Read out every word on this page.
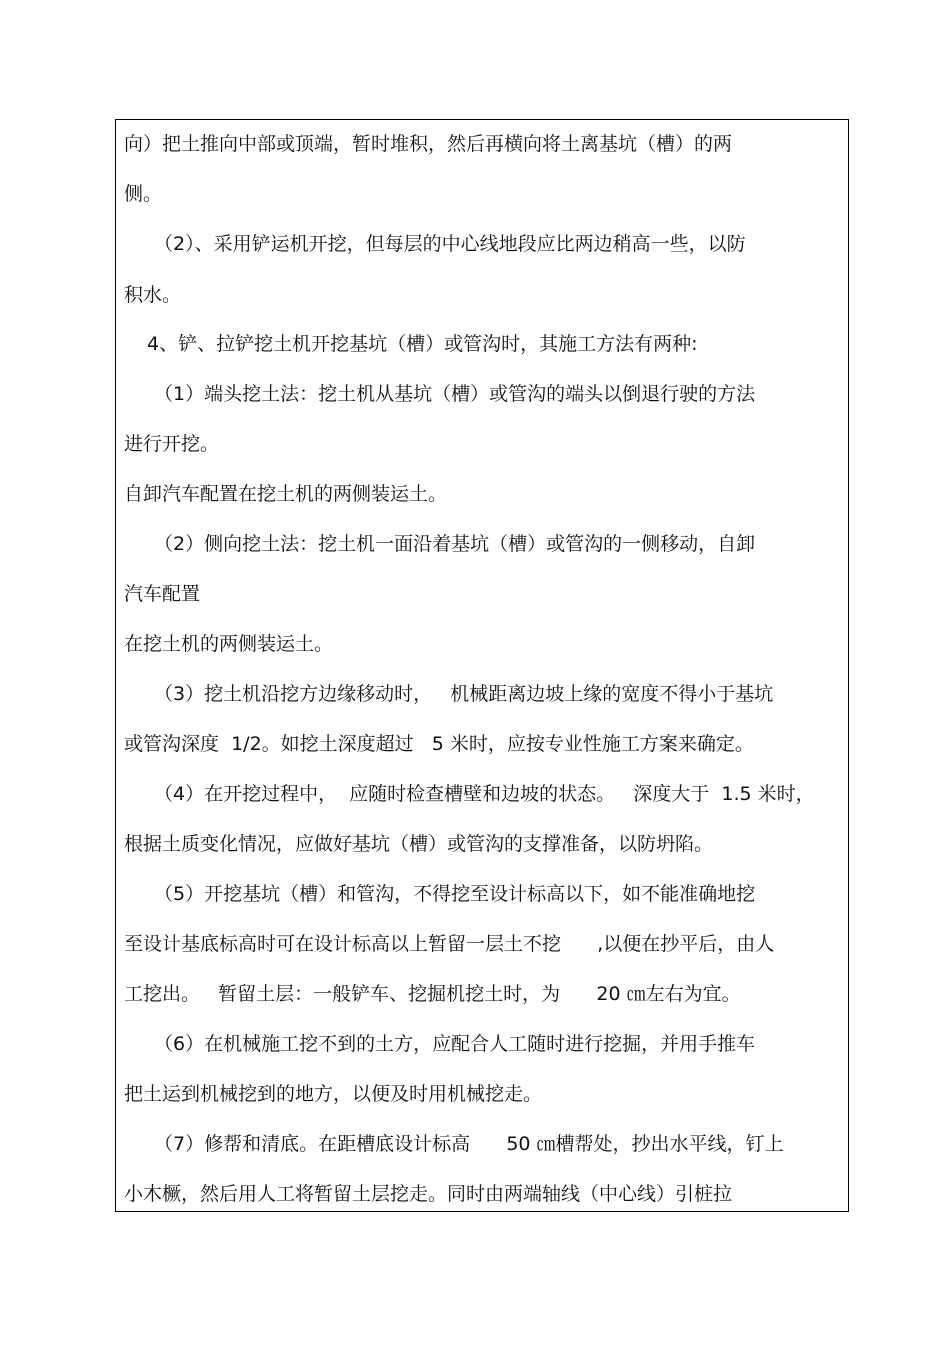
向）把土推向中部或顶端，暂时堆积，然后再横向将土离基坑（槽）的两
侧。
（2）、采用铲运机开挖，但每层的中心线地段应比两边稍高一些，以防
积水。
4、铲、拉铲挖土机开挖基坑（槽）或管沟时，其施工方法有两种:
（1）端头挖土法：挖土机从基坑（槽）或管沟的端头以倒退行驶的方法
进行开挖。
自卸汽车配置在挖土机的两侧装运土。
（2）侧向挖土法：挖土机一面沿着基坑（槽）或管沟的一侧移动，自卸
汽车配置
在挖土机的两侧装运土。
（3）挖土机沿挖方边缘移动时，   机械距离边坡上缘的宽度不得小于基坑
或管沟深度  1/2。如挖土深度超过   5 米时，应按专业性施工方案来确定。
（4）在开挖过程中，  应随时检查槽壁和边坡的状态。   深度大于  1.5 米时，
根据土质变化情况，应做好基坑（槽）或管沟的支撑准备，以防坍陷。
（5）开挖基坑（槽）和管沟，不得挖至设计标高以下，如不能准确地挖
至设计基底标高时可在设计标高以上暂留一层土不挖      ,以便在抄平后，由人
工挖出。   暂留土层：一般铲车、挖掘机挖土时，为      20 ㎝左右为宜。
（6）在机械施工挖不到的土方，应配合人工随时进行挖掘，并用手推车
把土运到机械挖到的地方，以便及时用机械挖走。
（7）修帮和清底。在距槽底设计标高      50 ㎝槽帮处，抄出水平线，钉上
小木橛，然后用人工将暂留土层挖走。同时由两端轴线（中心线）引桩拉
